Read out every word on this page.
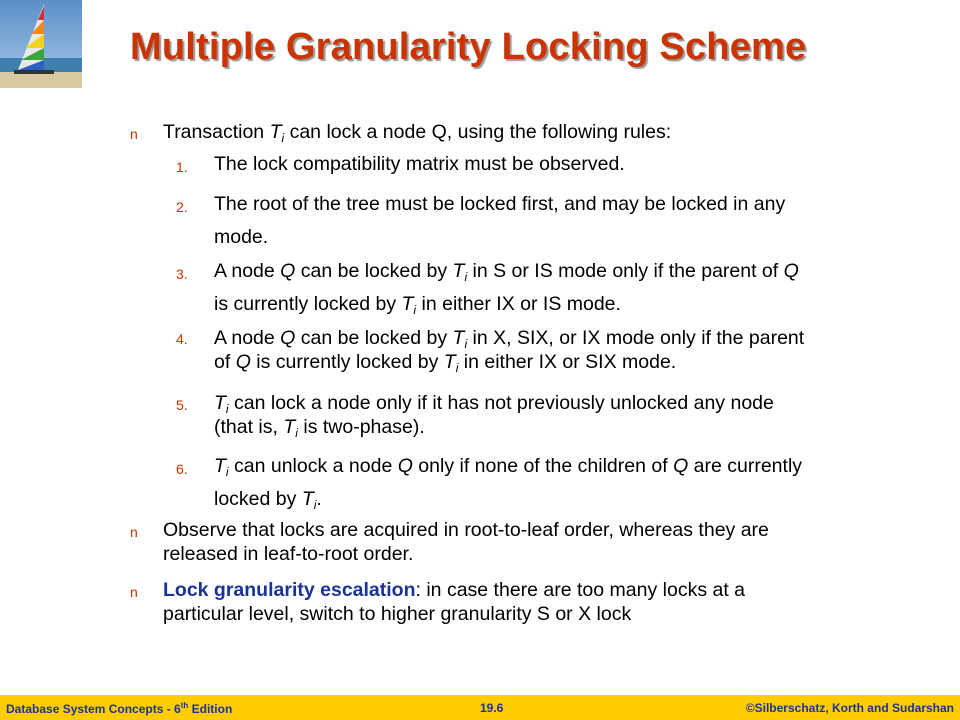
Multiple Granularity Locking Scheme
n Transaction $T_i$ can lock a node Q, using the following rules:
1. The lock compatibility matrix must be observed.
2. The root of the tree must be locked first, and may be locked in any
mode.
3. A node Q can be locked by $T_i$ in S or IS mode only if the parent of Q
is currently locked by $T_i$ in either IX or IS mode.
4. A node Q can be locked by $T_i$ in X, SIX, or IX mode only if the parent
of Q is currently locked by $T_i$ in either IX or SIX mode.
5. $T_i$ can lock a node only if it has not previously unlocked any node
(that is, $T_i$ is two-phase).
6. $T_i$ can unlock a node Q only if none of the children of Q are currently
locked by $T_i$.
n Observe that locks are acquired in root-to-leaf order, whereas they are
released in leaf-to-root order.
n Lock granularity escalation: in case there are too many locks at a
particular level, switch to higher granularity S or X lock
Database System Concepts - 6th Edition	19.6	©Silberschatz, Korth and Sudarshan
